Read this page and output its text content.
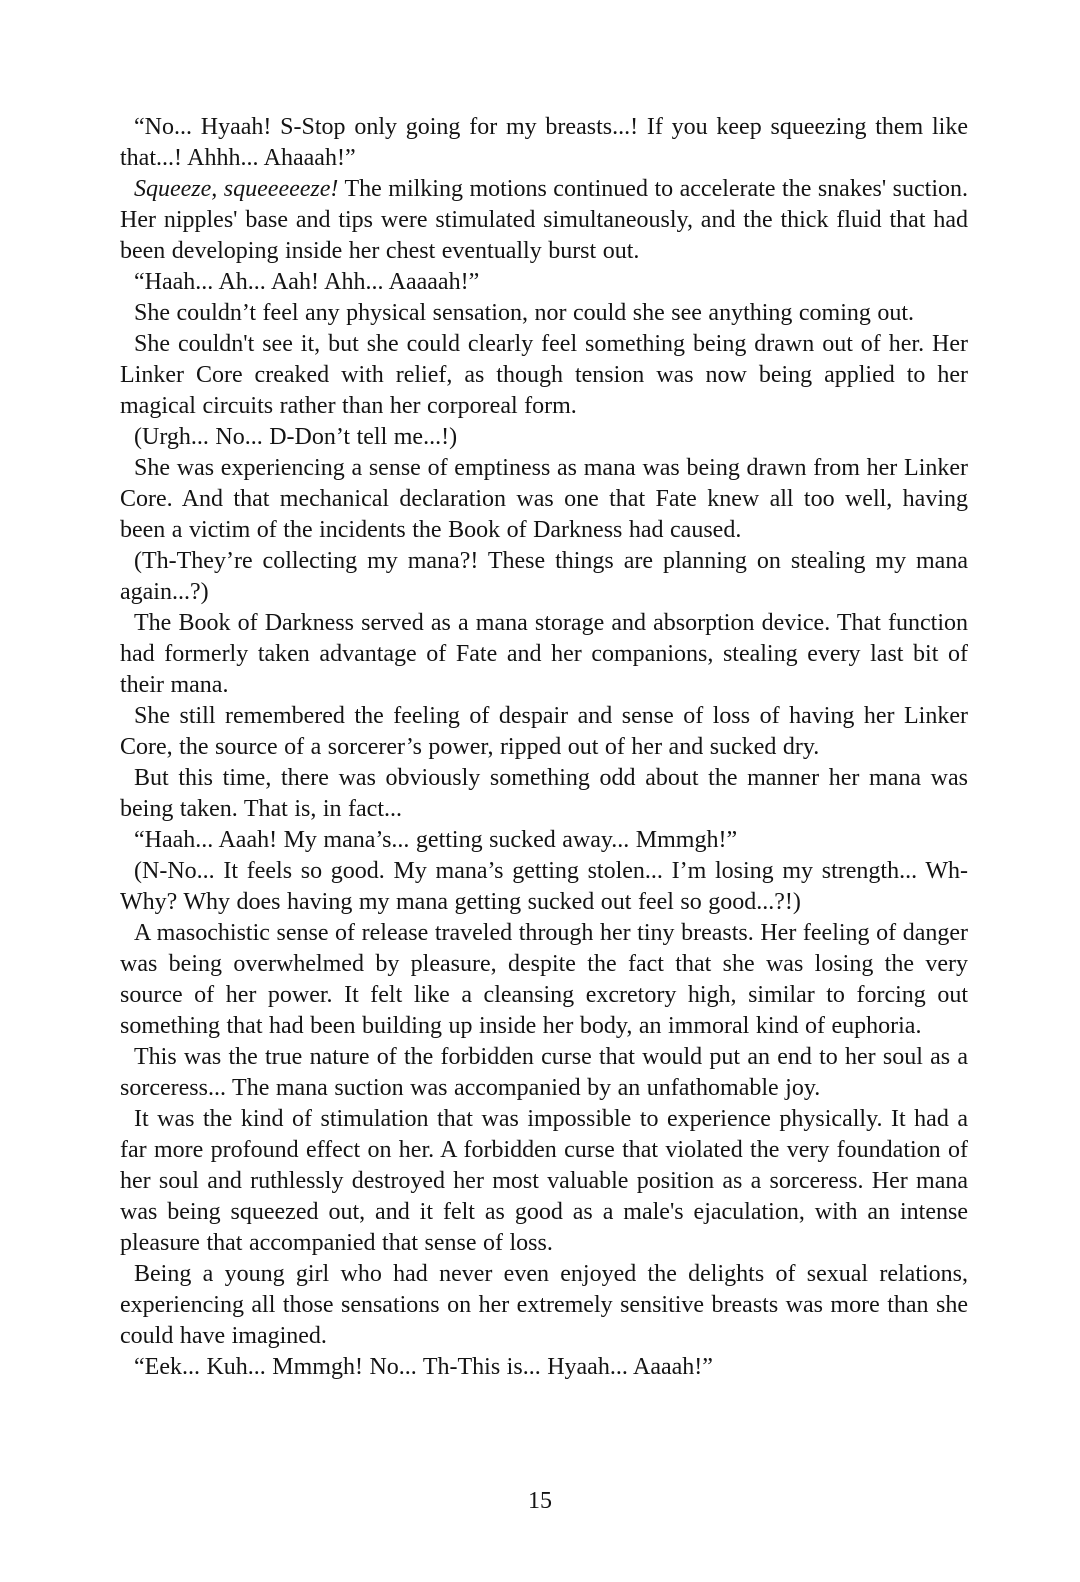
“No... Hyaah! S-Stop only going for my breasts...! If you keep squeezing them like that...! Ahhh... Ahaaah!”

Squeeze, squeeeeeze! The milking motions continued to accelerate the snakes' suction. Her nipples' base and tips were stimulated simultaneously, and the thick fluid that had been developing inside her chest eventually burst out.

“Haah... Ah... Aah! Ahh... Aaaaah!”

She couldn’t feel any physical sensation, nor could she see anything coming out.

She couldn't see it, but she could clearly feel something being drawn out of her. Her Linker Core creaked with relief, as though tension was now being applied to her magical circuits rather than her corporeal form.

(Urgh... No... D-Don’t tell me...!)

She was experiencing a sense of emptiness as mana was being drawn from her Linker Core. And that mechanical declaration was one that Fate knew all too well, having been a victim of the incidents the Book of Darkness had caused.

(Th-They’re collecting my mana?! These things are planning on stealing my mana again...?)

The Book of Darkness served as a mana storage and absorption device. That function had formerly taken advantage of Fate and her companions, stealing every last bit of their mana.

She still remembered the feeling of despair and sense of loss of having her Linker Core, the source of a sorcerer’s power, ripped out of her and sucked dry.

But this time, there was obviously something odd about the manner her mana was being taken. That is, in fact...

“Haah... Aaah! My mana’s... getting sucked away... Mmmgh!”

(N-No... It feels so good. My mana’s getting stolen... I’m losing my strength... Wh-Why? Why does having my mana getting sucked out feel so good...?!)

A masochistic sense of release traveled through her tiny breasts. Her feeling of danger was being overwhelmed by pleasure, despite the fact that she was losing the very source of her power. It felt like a cleansing excretory high, similar to forcing out something that had been building up inside her body, an immoral kind of euphoria.

This was the true nature of the forbidden curse that would put an end to her soul as a sorceress... The mana suction was accompanied by an unfathomable joy.

It was the kind of stimulation that was impossible to experience physically. It had a far more profound effect on her. A forbidden curse that violated the very foundation of her soul and ruthlessly destroyed her most valuable position as a sorceress. Her mana was being squeezed out, and it felt as good as a male's ejaculation, with an intense pleasure that accompanied that sense of loss.

Being a young girl who had never even enjoyed the delights of sexual relations, experiencing all those sensations on her extremely sensitive breasts was more than she could have imagined.

“Eek... Kuh... Mmmgh! No... Th-This is... Hyaah... Aaaah!”

15
